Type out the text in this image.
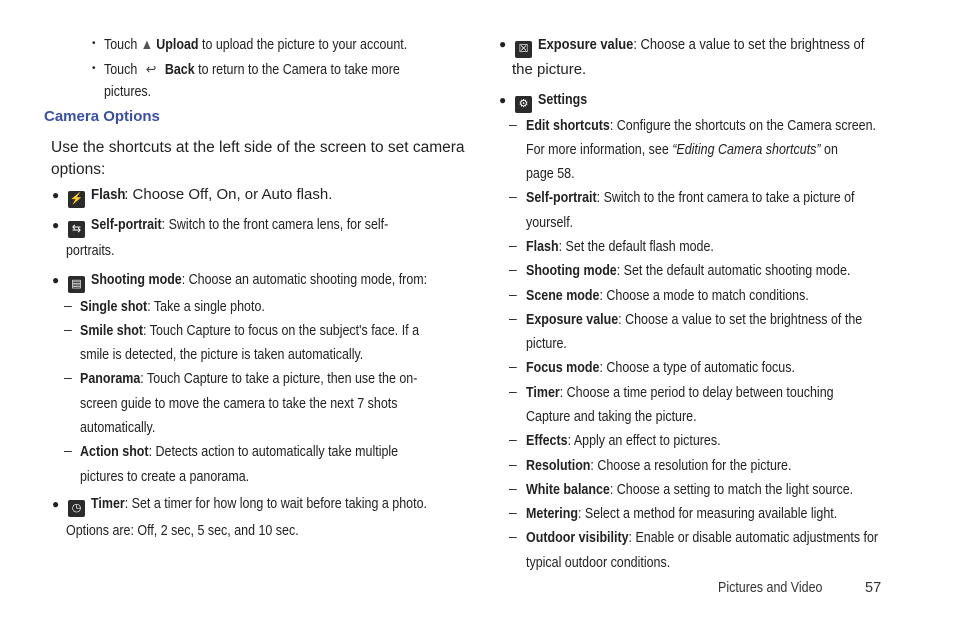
• Touch ▲ Upload to upload the picture to your account.
• Touch ↩ Back to return to the Camera to take more
pictures.
Camera Options
Use the shortcuts at the left side of the screen to set camera
options:
● ⚡ Flash: Choose Off, On, or Auto flash.
●	⇆ Self-portrait: Switch to the front camera lens, for self-
portraits.
● ▤ Shooting mode: Choose an automatic shooting mode, from:
– Single shot: Take a single photo.
– Smile shot: Touch Capture to focus on the subject's face. If a
smile is detected, the picture is taken automatically.
– Panorama: Touch Capture to take a picture, then use the on-
screen guide to move the camera to take the next 7 shots
automatically.
– Action shot: Detects action to automatically take multiple
pictures to create a panorama.
●	◷ Timer: Set a timer for how long to wait before taking a photo.
Options are: Off, 2 sec, 5 sec, and 10 sec.
●	☒ Exposure value: Choose a value to set the brightness of
the picture.
●	⚙ Settings
– Edit shortcuts: Configure the shortcuts on the Camera screen.
For more information, see “Editing Camera shortcuts” on
page 58.
– Self-portrait: Switch to the front camera to take a picture of
yourself.
– Flash: Set the default flash mode.
– Shooting mode: Set the default automatic shooting mode.
– Scene mode: Choose a mode to match conditions.
– Exposure value: Choose a value to set the brightness of the
picture.
– Focus mode: Choose a type of automatic focus.
– Timer: Choose a time period to delay between touching
Capture and taking the picture.
– Effects: Apply an effect to pictures.
– Resolution: Choose a resolution for the picture.
– White balance: Choose a setting to match the light source.
– Metering: Select a method for measuring available light.
– Outdoor visibility: Enable or disable automatic adjustments for
typical outdoor conditions.
Pictures and Video	57
